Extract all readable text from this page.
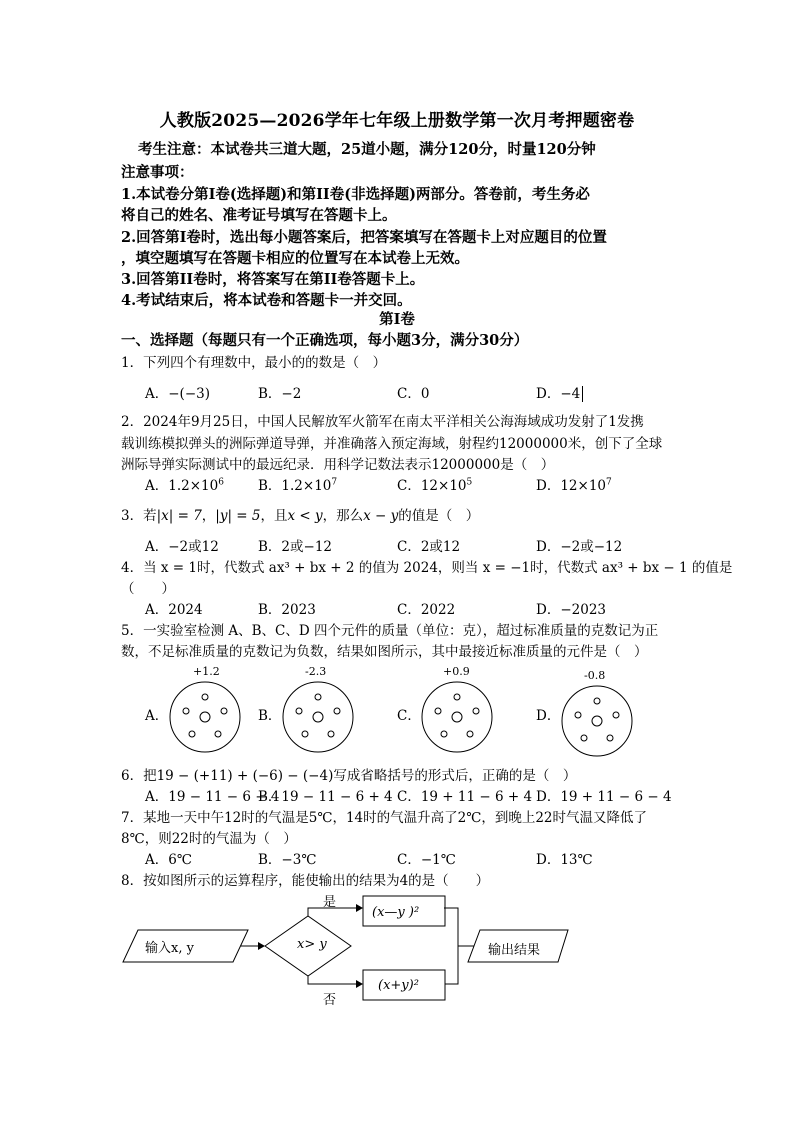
人教版2025—2026学年七年级上册数学第一次月考押题密卷
考生注意：本试卷共三道大题，25道小题，满分120分，时量120分钟
注意事项：
1.本试卷分第Ⅰ卷(选择题)和第II卷(非选择题)两部分。答卷前，考生务必
将自己的姓名、准考证号填写在答题卡上。
2.回答第Ⅰ卷时，选出每小题答案后，把答案填写在答题卡上对应题目的位置
，填空题填写在答题卡相应的位置写在本试卷上无效。
3.回答第II卷时，将答案写在第II卷答题卡上。
4.考试结束后，将本试卷和答题卡一并交回。
第Ⅰ卷
一、选择题（每题只有一个正确选项，每小题3分，满分30分）
1．下列四个有理数中，最小的的数是（　）
A．−(−3)	B．−2	C．0	D．−4
2．2024年9月25日，中国人民解放军火箭军在南太平洋相关公海海域成功发射了1发携
载训练模拟弹头的洲际弹道导弹，并准确落入预定海域，射程约12000000米，创下了全球
洲际导弹实际测试中的最远纪录．用科学记数法表示12000000是（　）
A．$1.2\times 10^6$	B．$1.2\times 10^7$	C．$12\times 10^5$	D．$12\times 10^7$
3．若|x| = 7，|y| = 5，且x < y，那么x − y的值是（　）
A．−2或12	B．2或−12	C．2或12	D．−2或−12
4．当 x = 1时，代数式 ax³ + bx + 2 的值为 2024，则当 x = −1时，代数式 ax³ + bx − 1 的值是
（　　）
A．2024	B．2023	C．2022	D．−2023
5．一实验室检测 A、B、C、D 四个元件的质量（单位：克），超过标准质量的克数记为正
数，不足标准质量的克数记为负数，结果如图所示，其中最接近标准质量的元件是（　）
A．
+1.2
B．
-2.3
C．
+0.9
D．
-0.8
6．把19 − (+11) + (−6) − (−4)写成省略括号的形式后，正确的是（　）
A．19 − 11 − 6 − 4
B．19 − 11 − 6 + 4 C．19 + 11 − 6 + 4 D．19 + 11 − 6 − 4
7．某地一天中午12时的气温是5℃，14时的气温升高了2℃，到晚上22时气温又降低了
8℃，则22时的气温为（　）
A．6℃	B．−3℃	C．−1℃	D．13℃
8．按如图所示的运算程序，能使输出的结果为4的是（　　）
输入x, y	x> y
是
否
(x—y )²
(x+y)²
输出结果
